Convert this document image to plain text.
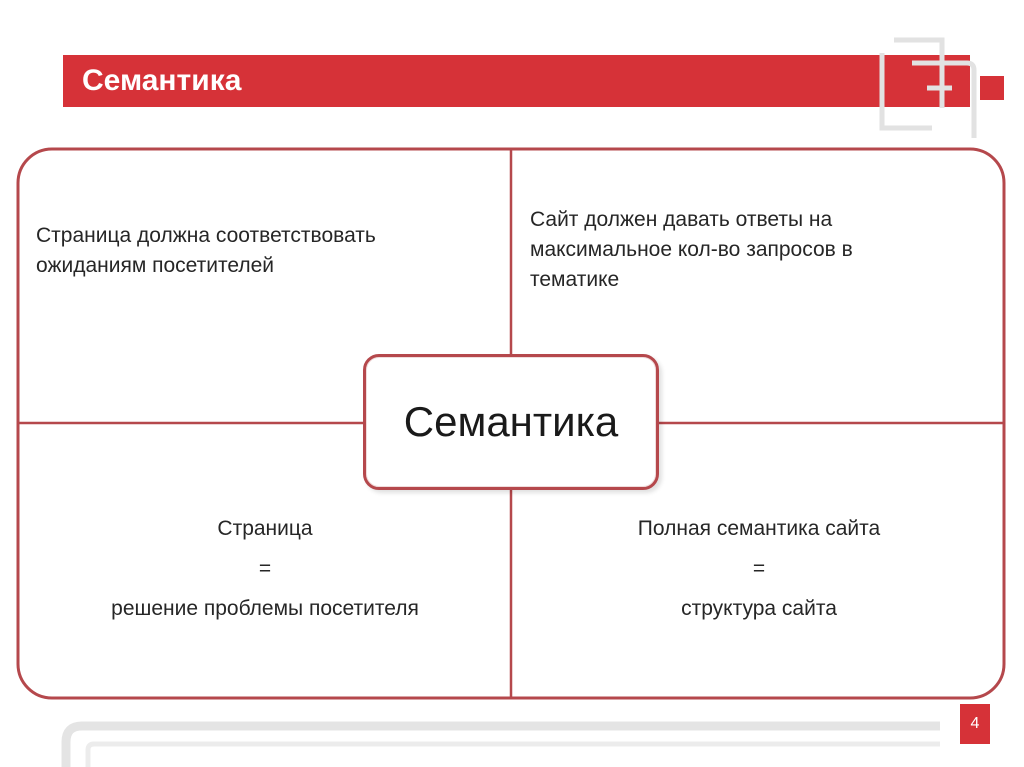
Семантика
Страница должна соответствовать
ожиданиям посетителей
Сайт должен давать ответы на
максимальное кол-во запросов в
тематике
Страница
=
решение проблемы посетителя
Полная семантика сайта
=
структура сайта
Семантика
4
